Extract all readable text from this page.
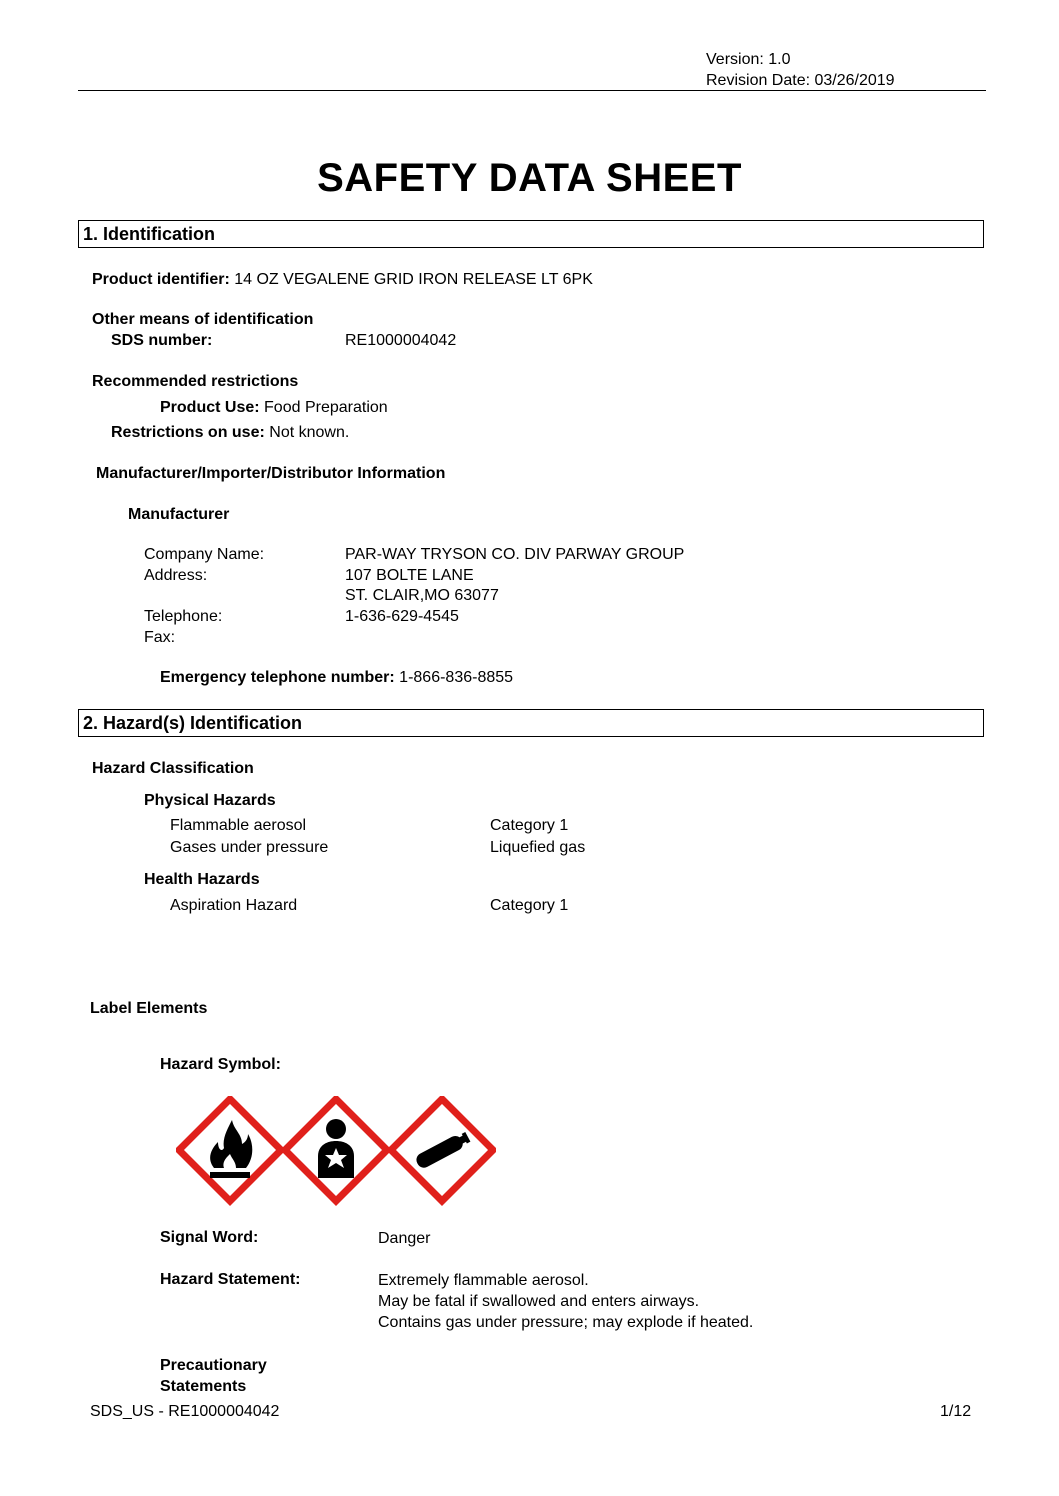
Version: 1.0
Revision Date: 03/26/2019
SAFETY DATA SHEET
1. Identification
Product identifier: 14 OZ VEGALENE GRID IRON RELEASE LT 6PK
Other means of identification
SDS number:	RE1000004042
Recommended restrictions
Product Use: Food Preparation
Restrictions on use: Not known.
Manufacturer/Importer/Distributor Information
Manufacturer
Company Name:	PAR-WAY TRYSON CO. DIV PARWAY GROUP
Address:	107 BOLTE LANE
ST. CLAIR,MO 63077
Telephone:	1-636-629-4545
Fax:
Emergency telephone number: 1-866-836-8855
2. Hazard(s) Identification
Hazard Classification
Physical Hazards
Flammable aerosol	Category 1
Gases under pressure	Liquefied gas
Health Hazards
Aspiration Hazard	Category 1
Label Elements
Hazard Symbol:
Signal Word:	Danger
Hazard Statement:	Extremely flammable aerosol.
May be fatal if swallowed and enters airways.
Contains gas under pressure; may explode if heated.
Precautionary
Statements
SDS_US - RE1000004042	1/12
